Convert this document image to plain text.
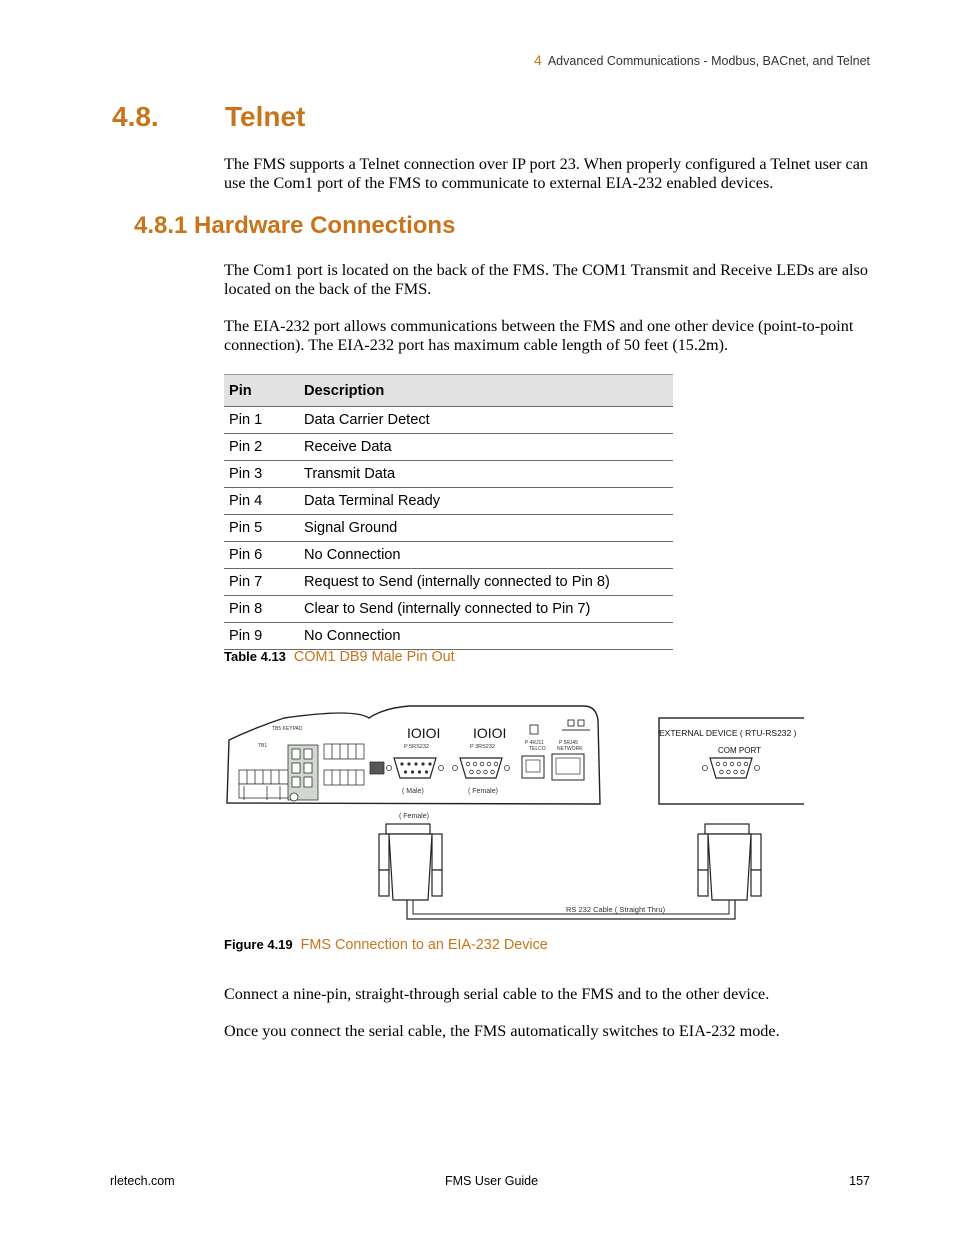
4 Advanced Communications - Modbus, BACnet, and Telnet
4.8. Telnet
The FMS supports a Telnet connection over IP port 23. When properly configured a Telnet user can use the Com1 port of the FMS to communicate to external EIA-232 enabled devices.
4.8.1 Hardware Connections
The Com1 port is located on the back of the FMS. The COM1 Transmit and Receive LEDs are also located on the back of the FMS.
The EIA-232 port allows communications between the FMS and one other device (point-to-point connection). The EIA-232 port has maximum cable length of 50 feet (15.2m).
Pin	Description
Pin 1	Data Carrier Detect
Pin 2	Receive Data
Pin 3	Transmit Data
Pin 4	Data Terminal Ready
Pin 5	Signal Ground
Pin 6	No Connection
Pin 7	Request to Send (internally connected to Pin 8)
Pin 8	Clear to Send (internally connected to Pin 7)
Pin 9	No Connection
Table 4.13 COM1 DB9 Male Pin Out
TB5 KEYPAD
TB1
IOIOI
P 5RS232
( Male)
IOIOI
P 3RS232
( Female)
P 4RJ11
TELCO
P 5RJ45
NETWORK
EXTERNAL DEVICE ( RTU-RS232 )
COM PORT
( Female)
RS 232 Cable ( Straight Thru)
Figure 4.19 FMS Connection to an EIA-232 Device
Connect a nine-pin, straight-through serial cable to the FMS and to the other device.
Once you connect the serial cable, the FMS automatically switches to EIA-232 mode.
rletech.com	FMS User Guide	157
